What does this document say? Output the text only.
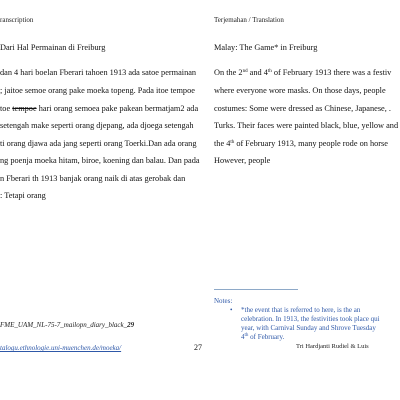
ranscription	Terjemahan / Translation
Dari Hal Permainan di Freiburg
dan 4 hari boelan Fberari tahoen 1913 ada satoe permainan
; jaitoe semoe orang pake moeka topeng. Pada itoe tempoe
toe tempoe hari orang semoea pake pakean bermatjam2 ada
setengah make seperti orang djepang, ada djoega setengah
ti orang djawa ada jang seperti orang Toerki.Dan ada orang
ng poenja moeka hitam, biroe, koening dan balau. Dan pada
n Fberari th 1913 banjak orang naik di atas gerobak dan
: Tetapi orang
Malay: The Game* in Freiburg
On the 2nd and 4th of February 1913 there was a festiv
where everyone wore masks. On those days, people
costumes: Some were dressed as Chinese, Japanese, .
Turks. Their faces were painted black, blue, yellow and
the 4th of February 1913, many people rode on horse
However, people
Notes:
• *the event that is referred to here, is the an
celebration. In 1913, the festivities took place qui
year, with Carnival Sunday and Shrove Tuesday
4th of February.
FME_UAM_NL-75-7_mailopn_diary_black_29
talogu.ethnologie.uni-muenchen.de/moeka/	27	Tri Hardjanti Rudiel & Luis
